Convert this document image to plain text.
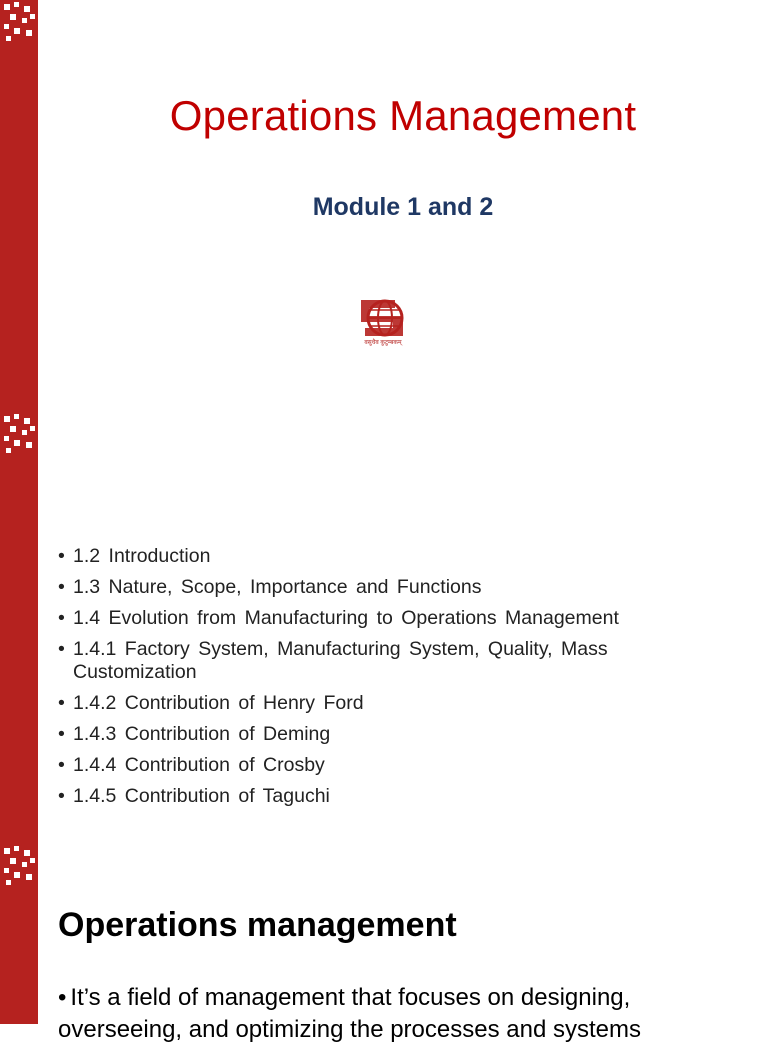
Operations Management
Module 1 and 2
वसुधैव कुटुम्बकम्
• 1.2 Introduction
• 1.3 Nature, Scope, Importance and Functions
• 1.4 Evolution from Manufacturing to Operations Management
• 1.4.1 Factory System, Manufacturing System, Quality, Mass Customization
• 1.4.2 Contribution of Henry Ford
• 1.4.3 Contribution of Deming
• 1.4.4 Contribution of Crosby
• 1.4.5 Contribution of Taguchi
Operations management
• It’s a field of management that focuses on designing, overseeing, and optimizing the processes and systems
